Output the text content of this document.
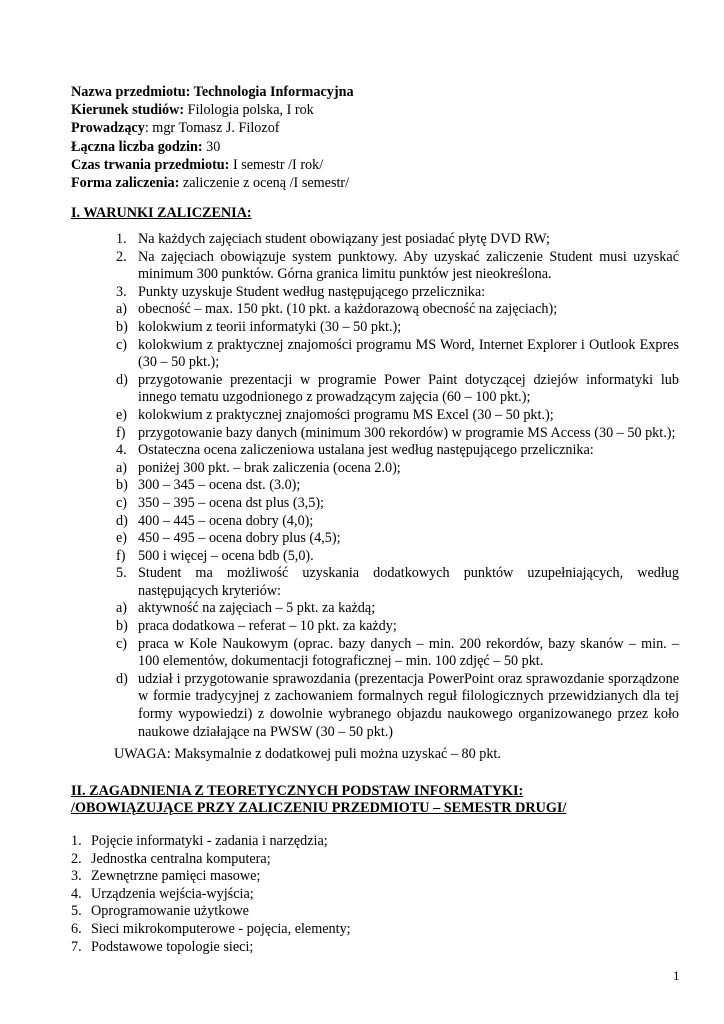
Nazwa przedmiotu: Technologia Informacyjna
Kierunek studiów: Filologia polska, I rok
Prowadzący: mgr Tomasz J. Filozof
Łączna liczba godzin: 30
Czas trwania przedmiotu: I semestr /I rok/
Forma zaliczenia: zaliczenie z oceną /I semestr/
I. WARUNKI ZALICZENIA:
1. Na każdych zajęciach student obowiązany jest posiadać płytę DVD RW;
2. Na zajęciach obowiązuje system punktowy. Aby uzyskać zaliczenie Student musi uzyskać minimum 300 punktów. Górna granica limitu punktów jest nieokreślona.
3. Punkty uzyskuje Student według następującego przelicznika:
a) obecność – max. 150 pkt. (10 pkt. a każdorazową obecność na zajęciach);
b) kolokwium z teorii informatyki (30 – 50 pkt.);
c) kolokwium z praktycznej znajomości programu MS Word, Internet Explorer i Outlook Expres (30 – 50 pkt.);
d) przygotowanie prezentacji w programie Power Paint dotyczącej dziejów informatyki lub innego tematu uzgodnionego z prowadzącym zajęcia (60 – 100 pkt.);
e) kolokwium z praktycznej znajomości programu MS Excel (30 – 50 pkt.);
f) przygotowanie bazy danych (minimum 300 rekordów) w programie MS Access (30 – 50 pkt.);
4. Ostateczna ocena zaliczeniowa ustalana jest według następującego przelicznika:
a) poniżej 300 pkt. – brak zaliczenia (ocena 2.0);
b) 300 – 345 – ocena dst. (3.0);
c) 350 – 395 – ocena dst plus (3,5);
d) 400 – 445 – ocena dobry (4,0);
e) 450 – 495 – ocena dobry plus (4,5);
f) 500 i więcej – ocena bdb (5,0).
5. Student ma możliwość uzyskania dodatkowych punktów uzupełniających, według następujących kryteriów:
a) aktywność na zajęciach – 5 pkt. za każdą;
b) praca dodatkowa – referat – 10 pkt. za każdy;
c) praca w Kole Naukowym (oprac. bazy danych – min. 200 rekordów, bazy skanów – min. – 100 elementów, dokumentacji fotograficznej – min. 100 zdjęć – 50 pkt.
d) udział i przygotowanie sprawozdania (prezentacja PowerPoint oraz sprawozdanie sporządzone w formie tradycyjnej z zachowaniem formalnych reguł filologicznych przewidzianych dla tej formy wypowiedzi) z dowolnie wybranego objazdu naukowego organizowanego przez koło naukowe działające na PWSW (30 – 50 pkt.)
UWAGA: Maksymalnie z dodatkowej puli można uzyskać – 80 pkt.
II. ZAGADNIENIA Z TEORETYCZNYCH PODSTAW INFORMATYKI:
/OBOWIĄZUJĄCE PRZY ZALICZENIU PRZEDMIOTU – SEMESTR DRUGI/
1. Pojęcie informatyki - zadania i narzędzia;
2. Jednostka centralna komputera;
3. Zewnętrzne pamięci masowe;
4. Urządzenia wejścia-wyjścia;
5. Oprogramowanie użytkowe
6. Sieci mikrokomputerowe - pojęcia, elementy;
7. Podstawowe topologie sieci;
1
